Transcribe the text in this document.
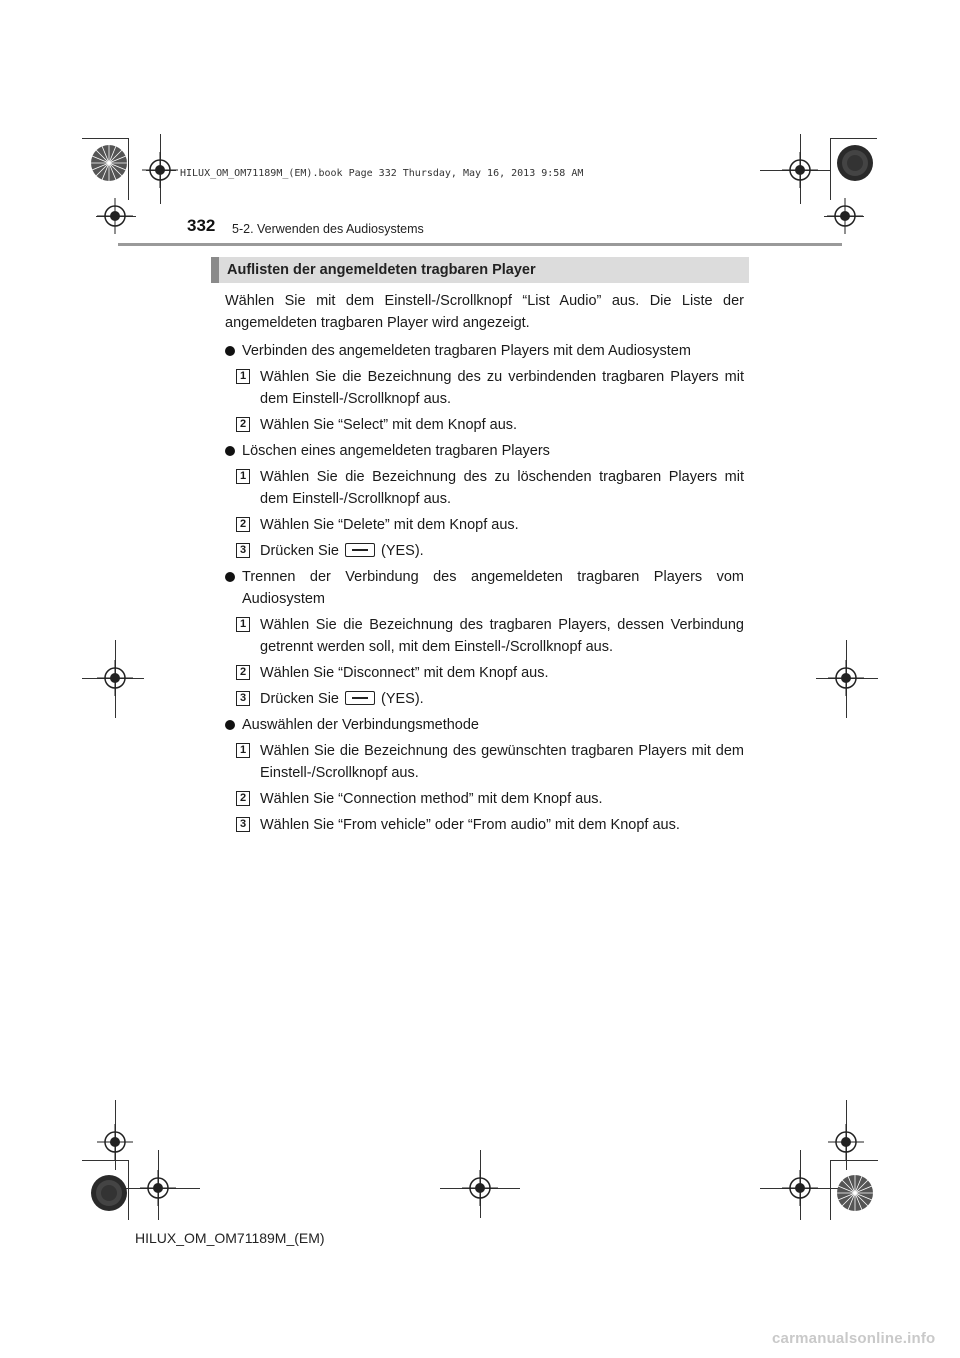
HILUX_OM_OM71189M_(EM).book Page 332 Thursday, May 16, 2013 9:58 AM
332 5-2. Verwenden des Audiosystems
Auflisten der angemeldeten tragbaren Player

Wählen Sie mit dem Einstell-/Scrollknopf “List Audio” aus. Die Liste der angemeldeten tragbaren Player wird angezeigt.

Verbinden des angemeldeten tragbaren Players mit dem Audiosystem

1 Wählen Sie die Bezeichnung des zu verbindenden tragbaren Players mit dem Einstell-/Scrollknopf aus.

2 Wählen Sie “Select” mit dem Knopf aus.

Löschen eines angemeldeten tragbaren Players

1 Wählen Sie die Bezeichnung des zu löschenden tragbaren Players mit dem Einstell-/Scrollknopf aus.

2 Wählen Sie “Delete” mit dem Knopf aus.

3 Drücken Sie	(YES).

Trennen der Verbindung des angemeldeten tragbaren Players vom Audiosystem

1 Wählen Sie die Bezeichnung des tragbaren Players, dessen Verbindung getrennt werden soll, mit dem Einstell-/Scrollknopf aus.

2 Wählen Sie “Disconnect” mit dem Knopf aus.

3 Drücken Sie	(YES).

Auswählen der Verbindungsmethode

1 Wählen Sie die Bezeichnung des gewünschten tragbaren Players mit dem Einstell-/Scrollknopf aus.

2 Wählen Sie “Connection method” mit dem Knopf aus.

3 Wählen Sie “From vehicle” oder “From audio” mit dem Knopf aus.

HILUX_OM_OM71189M_(EM)
carmanualsonline.info
